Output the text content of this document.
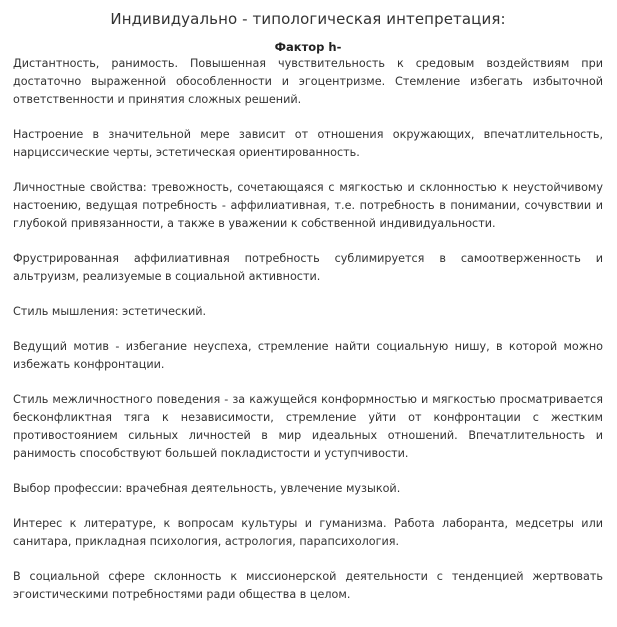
Индивидуально - типологическая интепретация:
Фактор h-

Дистантность, ранимость. Повышенная чувствительность к средовым воздействиям при достаточно выраженной обособленности и эгоцентризме. Стемление избегать избыточной ответственности и принятия сложных решений.

Настроение в значительной мере зависит от отношения окружающих, впечатлительность, нарциссические черты, эстетическая ориентированность.

Личностные свойства: тревожность, сочетающаяся с мягкостью и склонностью к неустойчивому настоению, ведущая потребность - аффилиативная, т.е. потребность в понимании, сочувствии и глубокой привязанности, а также в уважении к собственной индивидуальности.

Фрустрированная аффилиативная потребность сублимируется в самоотверженность и альтруизм, реализуемые в социальной активности.

Стиль мышления: эстетический.

Ведущий мотив - избегание неуспеха, стремление найти социальную нишу, в которой можно избежать конфронтации.

Стиль межличностного поведения - за кажущейся конформностью и мягкостью просматривается бесконфликтная тяга к независимости, стремление уйти от конфронтации с жестким противостоянием сильных личностей в мир идеальных отношений. Впечатлительность и ранимость способствуют большей покладистости и уступчивости.

Выбор профессии: врачебная деятельность, увлечение музыкой.

Интерес к литературе, к вопросам культуры и гуманизма. Работа лаборанта, медсетры или санитара, прикладная психология, астрология, парапсихология.

В социальной сфере склонность к миссионерской деятельности с тенденцией жертвовать эгоистическими потребностями ради общества в целом.
